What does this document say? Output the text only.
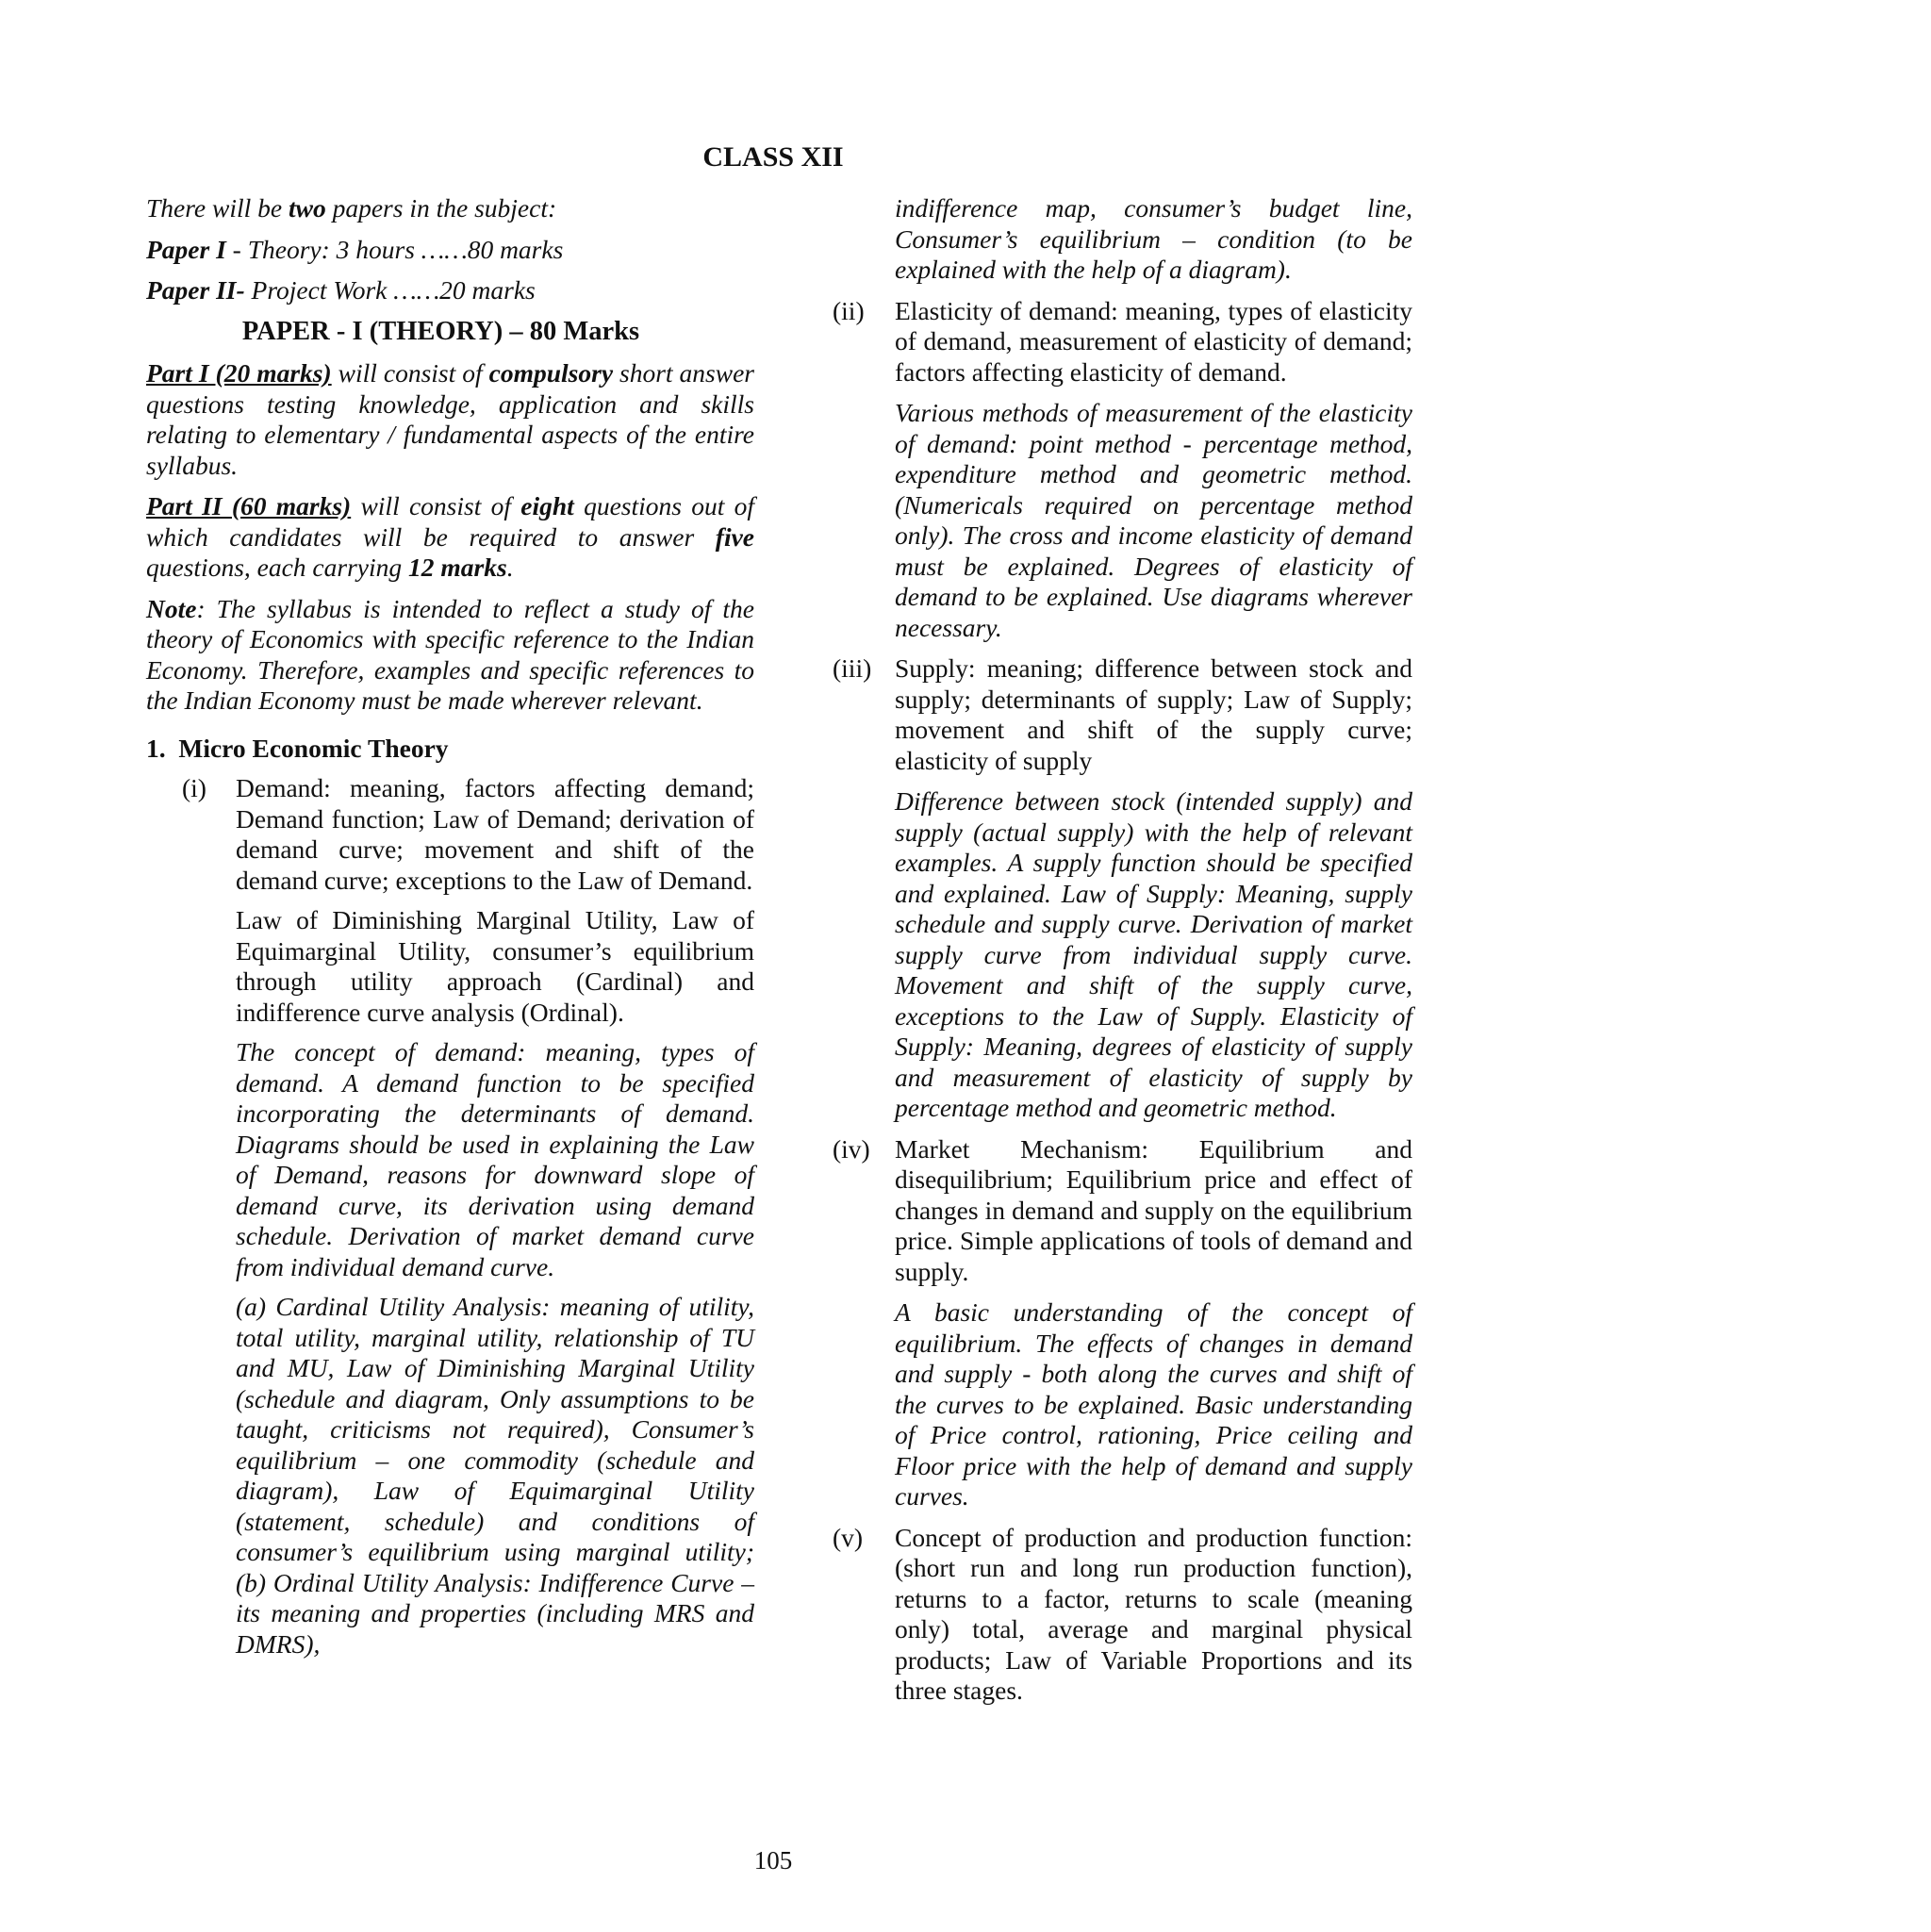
CLASS XII

There will be two papers in the subject:

Paper I - Theory: 3 hours ……80 marks

Paper II- Project Work ……20 marks

PAPER - I (THEORY) – 80 Marks

Part I (20 marks) will consist of compulsory short answer questions testing knowledge, application and skills relating to elementary / fundamental aspects of the entire syllabus.

Part II (60 marks) will consist of eight questions out of which candidates will be required to answer five questions, each carrying 12 marks.

Note: The syllabus is intended to reflect a study of the theory of Economics with specific reference to the Indian Economy. Therefore, examples and specific references to the Indian Economy must be made wherever relevant.

1. Micro Economic Theory

(i) Demand: meaning, factors affecting demand; Demand function; Law of Demand; derivation of demand curve; movement and shift of the demand curve; exceptions to the Law of Demand.

Law of Diminishing Marginal Utility, Law of Equimarginal Utility, consumer’s equilibrium through utility approach (Cardinal) and indifference curve analysis (Ordinal).

The concept of demand: meaning, types of demand. A demand function to be specified incorporating the determinants of demand. Diagrams should be used in explaining the Law of Demand, reasons for downward slope of demand curve, its derivation using demand schedule. Derivation of market demand curve from individual demand curve.

(a) Cardinal Utility Analysis: meaning of utility, total utility, marginal utility, relationship of TU and MU, Law of Diminishing Marginal Utility (schedule and diagram, Only assumptions to be taught, criticisms not required), Consumer’s equilibrium – one commodity (schedule and diagram), Law of Equimarginal Utility (statement, schedule) and conditions of consumer’s equilibrium using marginal utility; (b) Ordinal Utility Analysis: Indifference Curve – its meaning and properties (including MRS and DMRS),

indifference map, consumer’s budget line, Consumer’s equilibrium – condition (to be explained with the help of a diagram).

(ii) Elasticity of demand: meaning, types of elasticity of demand, measurement of elasticity of demand; factors affecting elasticity of demand.

Various methods of measurement of the elasticity of demand: point method - percentage method, expenditure method and geometric method. (Numericals required on percentage method only). The cross and income elasticity of demand must be explained. Degrees of elasticity of demand to be explained. Use diagrams wherever necessary.

(iii) Supply: meaning; difference between stock and supply; determinants of supply; Law of Supply; movement and shift of the supply curve; elasticity of supply

Difference between stock (intended supply) and supply (actual supply) with the help of relevant examples. A supply function should be specified and explained. Law of Supply: Meaning, supply schedule and supply curve. Derivation of market supply curve from individual supply curve. Movement and shift of the supply curve, exceptions to the Law of Supply. Elasticity of Supply: Meaning, degrees of elasticity of supply and measurement of elasticity of supply by percentage method and geometric method.

(iv) Market Mechanism: Equilibrium and disequilibrium; Equilibrium price and effect of changes in demand and supply on the equilibrium price. Simple applications of tools of demand and supply.

A basic understanding of the concept of equilibrium. The effects of changes in demand and supply - both along the curves and shift of the curves to be explained. Basic understanding of Price control, rationing, Price ceiling and Floor price with the help of demand and supply curves.

(v) Concept of production and production function: (short run and long run production function), returns to a factor, returns to scale (meaning only) total, average and marginal physical products; Law of Variable Proportions and its three stages.
105
